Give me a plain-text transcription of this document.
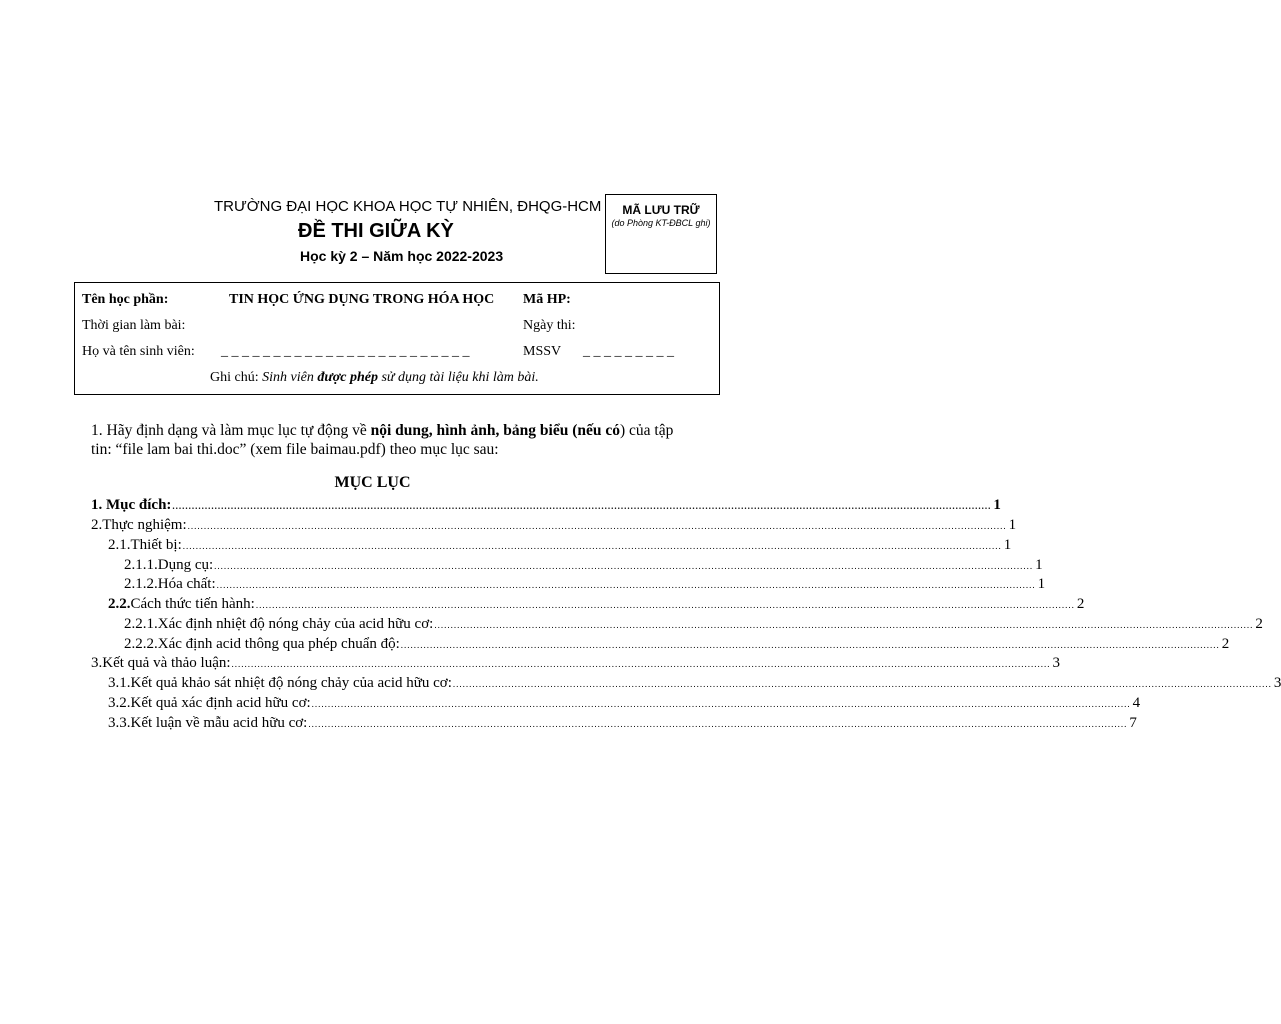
TRƯỜNG ĐẠI HỌC KHOA HỌC TỰ NHIÊN, ĐHQG-HCM
ĐỀ THI GIỮA KỲ
Học kỳ 2 – Năm học 2022-2023
MÃ LƯU TRỮ
(do Phòng KT-ĐBCL ghi)
Tên học phần:	TIN HỌC ỨNG DỤNG TRONG HÓA HỌC Mã HP:
Thời gian làm bài:	Ngày thi:
Họ và tên sinh viên: _ _ _ _ _ _ _ _ _ _ _ _ _ _ _ _ _ _ _ _ _ _ _ _	MSSV _ _ _ _ _ _ _ _ _
Ghi chú: Sinh viên được phép sử dụng tài liệu khi làm bài.
1. Hãy định dạng và làm mục lục tự động về nội dung, hình ảnh, bảng biểu (nếu có) của tập tin: “file lam bai thi.doc” (xem file baimau.pdf) theo mục lục sau:
MỤC LỤC
1. Mục đích: ............................................................................................................................................................................................................................................................ 1
2. Thực nghiệm: ............................................................................................................................................................................................................................................................ 1
2.1. Thiết bị: ............................................................................................................................................................................................................................................................ 1
2.1.1. Dụng cụ: ............................................................................................................................................................................................................................................................ 1
2.1.2. Hóa chất: ............................................................................................................................................................................................................................................................ 1
2.2. Cách thức tiến hành: ............................................................................................................................................................................................................................................................ 2
2.2.1. Xác định nhiệt độ nóng chảy của acid hữu cơ: ............................................................................................................................................................................................................................................................ 2
2.2.2. Xác định acid thông qua phép chuẩn độ: ............................................................................................................................................................................................................................................................ 2
3. Kết quả và thảo luận: ............................................................................................................................................................................................................................................................ 3
3.1. Kết quả khảo sát nhiệt độ nóng chảy của acid hữu cơ: ............................................................................................................................................................................................................................................................ 3
3.2. Kết quả xác định acid hữu cơ: ............................................................................................................................................................................................................................................................ 4
3.3. Kết luận về mẫu acid hữu cơ: ............................................................................................................................................................................................................................................................ 7
